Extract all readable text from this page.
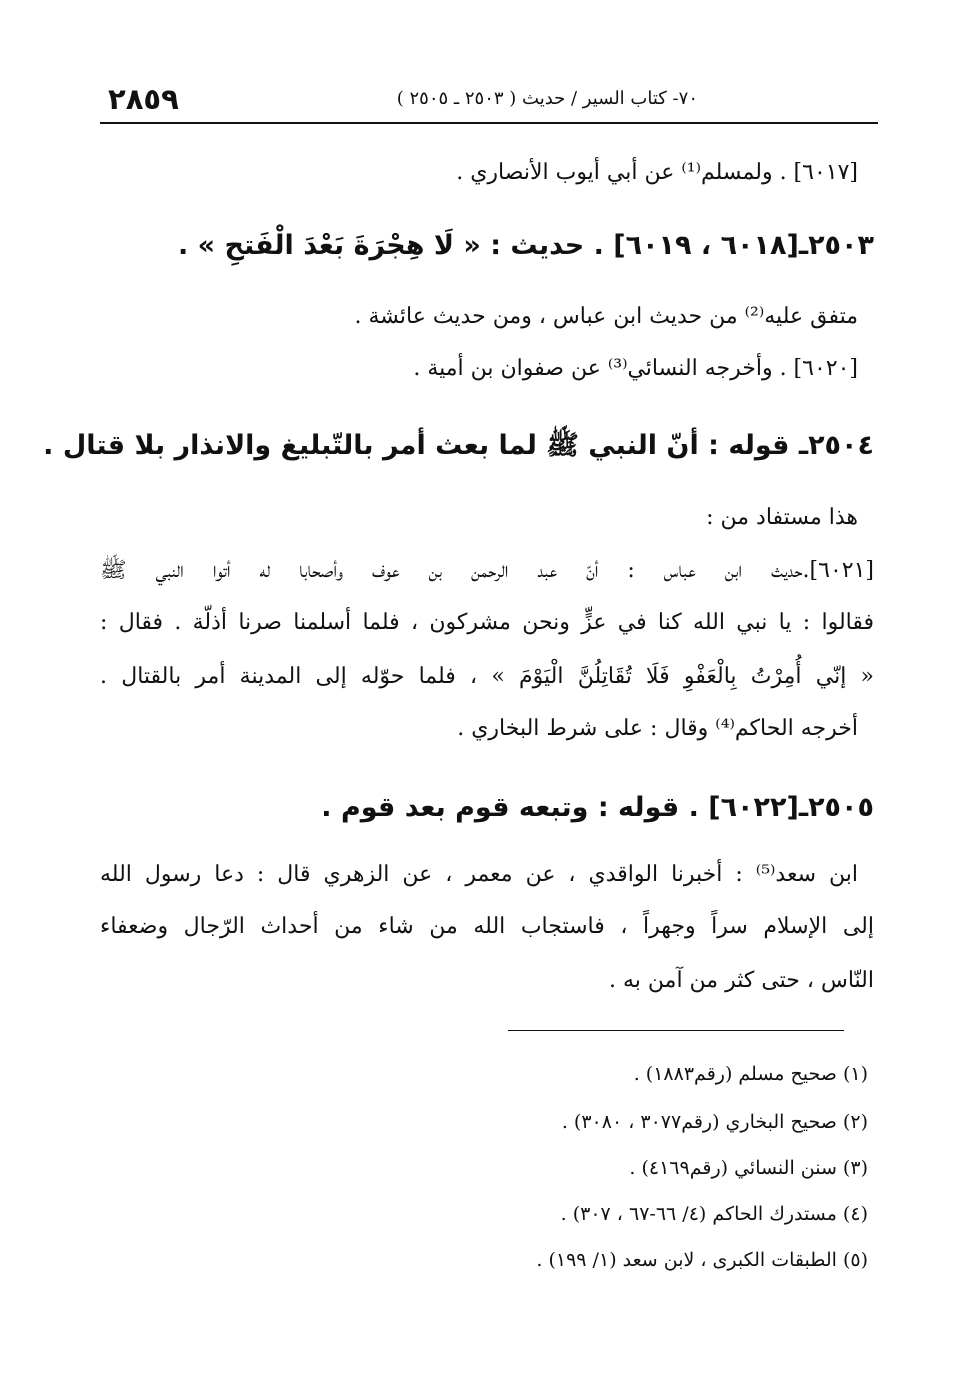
٢٨٥٩	٧٠- كتاب السير / حديث ( ٢٥٠٣ ـ ٢٥٠٥ )
[٦٠١٧] . ولمسلم⁽¹⁾ عن أبي أيوب الأنصاري .
٢٥٠٣ـ[٦٠١٨ ، ٦٠١٩] . حديث : « لَا هِجْرَةَ بَعْدَ الْفَتحِ » .
متفق عليه⁽²⁾ من حديث ابن عباس ، ومن حديث عائشة .
[٦٠٢٠] . وأخرجه النسائي⁽³⁾ عن صفوان بن أمية .
٢٥٠٤ـ قوله : أنّ النبي ﷺ لما بعث أمر بالتّبليغ والانذار بلا قتال .
هذا مستفاد من :
[٦٠٢١].حديث ابن عباس : أنّ عبد الرحمن بن عوف وأصحابا له أتوا النبي ﷺ
فقالوا : يا نبي الله كنا في عزٍّ ونحن مشركون ، فلما أسلمنا صرنا أذلّة . فقال :
« إنّي أُمِرْتُ بِالْعَفْوِ فَلَا تُقَاتِلُنَّ الْيَوْمَ » ، فلما حوّله إلى المدينة أمر بالقتال .
أخرجه الحاكم⁽⁴⁾ وقال : على شرط البخاري .
٢٥٠٥ـ[٦٠٢٢] . قوله : وتبعه قوم بعد قوم .
ابن سعد⁽⁵⁾ : أخبرنا الواقدي ، عن معمر ، عن الزهري قال : دعا رسول الله
إلى الإسلام سراً وجهراً ، فاستجاب الله من شاء من أحداث الرّجال وضعفاء
النّاس ، حتى كثر من آمن به .
(١) صحيح مسلم (رقم١٨٨٣) .
(٢) صحيح البخاري (رقم٣٠٧٧ ، ٣٠٨٠) .
(٣) سنن النسائي (رقم٤١٦٩) .
(٤) مستدرك الحاكم (٤/ ٦٦-٦٧ ، ٣٠٧) .
(٥) الطبقات الكبرى ، لابن سعد (١/ ١٩٩) .
